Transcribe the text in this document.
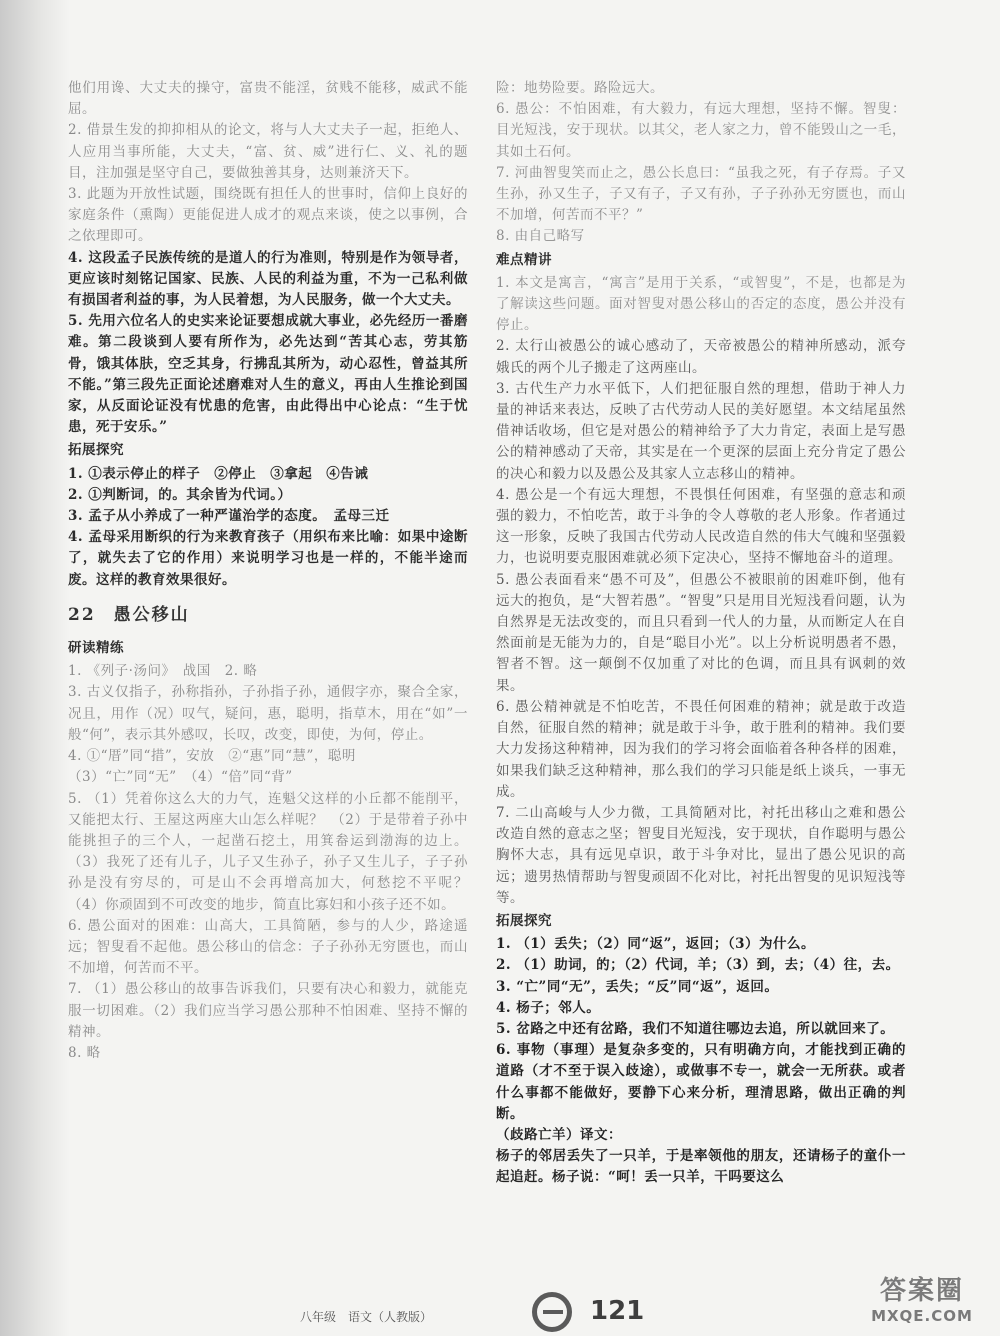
他们用谗、大丈夫的操守，富贵不能淫，贫贱不能移，威武不能屈。

2. 借景生发的抑抑相从的论文，将与人大丈夫子一起，拒绝人、人应用当事所能，大丈夫，“富、贫、威”进行仁、义、礼的题目，注加强是坚守自己，要做独善其身，达则兼济天下。

3. 此题为开放性试题，围绕既有担任人的世事时，信仰上良好的家庭条件（熏陶）更能促进人成才的观点来谈，使之以事例，合之依理即可。

4. 这段孟子民族传统的是道人的行为准则，特别是作为领导者，更应该时刻铭记国家、民族、人民的利益为重，不为一己私利做有损国者利益的事，为人民着想，为人民服务，做一个大丈夫。

5. 先用六位名人的史实来论证要想成就大事业，必先经历一番磨难。第二段谈到人要有所作为，必先达到“苦其心志，劳其筋骨，饿其体肤，空乏其身，行拂乱其所为，动心忍性，曾益其所不能。”第三段先正面论述磨难对人生的意义，再由人生推论到国家，从反面论证没有忧患的危害，由此得出中心论点：“生于忧患，死于安乐。”

拓展探究

1. ①表示停止的样子　②停止　③拿起　④告诫

2. ①判断词，的。其余皆为代词。）

3. 孟子从小养成了一种严谨治学的态度。　孟母三迁

4. 孟母采用断织的行为来教育孩子（用织布来比喻：如果中途断了，就失去了它的作用）来说明学习也是一样的，不能半途而废。这样的教育效果很好。

22 愚公移山

研读精练

1. 《列子·汤问》　战国　2. 略

3. 古义仅指子，孙称指孙，子孙指子孙，通假字亦，聚合全家，况且，用作（况）叹气，疑问，惠，聪明，指草木，用在“如”一般“何”，表示其外感叹，长叹，改变，即使，为何，停止。

4. ①“厝”同“措”，安放　②“惠”同“慧”，聪明

（3）“亡”同“无”　（4）“倍”同“背”

5. （1）凭着你这么大的力气，连魁父这样的小丘都不能削平，又能把太行、王屋这两座大山怎么样呢？　（2）于是带着子孙中能挑担子的三个人，一起凿石挖土，用箕畚运到渤海的边上。（3）我死了还有儿子，儿子又生孙子，孙子又生儿子，子子孙孙是没有穷尽的，可是山不会再增高加大，何愁挖不平呢？　（4）你顽固到不可改变的地步，简直比寡妇和小孩子还不如。

6. 愚公面对的困难：山高大，工具简陋，参与的人少，路途遥远；智叟看不起他。愚公移山的信念：子子孙孙无穷匮也，而山不加增，何苦而不平。

7. （1）愚公移山的故事告诉我们，只要有决心和毅力，就能克服一切困难。（2）我们应当学习愚公那种不怕困难、坚持不懈的精神。

8. 略

险：地势险要。路险远大。

6. 愚公：不怕困难，有大毅力，有远大理想，坚持不懈。智叟：目光短浅，安于现状。以其父，老人家之力，曾不能毁山之一毛，其如土石何。

7. 河曲智叟笑而止之，愚公长息曰：“虽我之死，有子存焉。子又生孙，孙又生子，子又有子，子又有孙，子子孙孙无穷匮也，而山不加增，何苦而不平？”

8. 由自己略写

难点精讲

1. 本文是寓言，“寓言”是用于关系，“或智叟”，不是，也都是为了解读这些问题。面对智叟对愚公移山的否定的态度，愚公并没有停止。

2. 太行山被愚公的诚心感动了，天帝被愚公的精神所感动，派夸娥氏的两个儿子搬走了这两座山。

3. 古代生产力水平低下，人们把征服自然的理想，借助于神人力量的神话来表达，反映了古代劳动人民的美好愿望。本文结尾虽然借神话收场，但它是对愚公的精神给予了大力肯定，表面上是写愚公的精神感动了天帝，其实是在一个更深的层面上充分肯定了愚公的决心和毅力以及愚公及其家人立志移山的精神。

4. 愚公是一个有远大理想，不畏惧任何困难，有坚强的意志和顽强的毅力，不怕吃苦，敢于斗争的令人尊敬的老人形象。作者通过这一形象，反映了我国古代劳动人民改造自然的伟大气魄和坚强毅力，也说明要克服困难就必须下定决心，坚持不懈地奋斗的道理。

5. 愚公表面看来“愚不可及”，但愚公不被眼前的困难吓倒，他有远大的抱负，是“大智若愚”。“智叟”只是用目光短浅看问题，认为自然界是无法改变的，而且只看到一代人的力量，从而断定人在自然面前是无能为力的，自是“聪目小光”。以上分析说明愚者不愚，智者不智。这一颠倒不仅加重了对比的色调，而且具有讽刺的效果。

6. 愚公精神就是不怕吃苦，不畏任何困难的精神；就是敢于改造自然，征服自然的精神；就是敢于斗争，敢于胜利的精神。我们要大力发扬这种精神，因为我们的学习将会面临着各种各样的困难，如果我们缺乏这种精神，那么我们的学习只能是纸上谈兵，一事无成。

7. 二山高峻与人少力微，工具简陋对比，衬托出移山之难和愚公改造自然的意志之坚；智叟目光短浅，安于现状，自作聪明与愚公胸怀大志，具有远见卓识，敢于斗争对比，显出了愚公见识的高远；遗男热情帮助与智叟顽固不化对比，衬托出智叟的见识短浅等等。

拓展探究

1. （1）丢失；（2）同“返”，返回；（3）为什么。

2. （1）助词，的；（2）代词，羊；（3）到，去；（4）往，去。

3. “亡”同“无”，丢失；“反”同“返”，返回。

4. 杨子；邻人。

5. 岔路之中还有岔路，我们不知道往哪边去追，所以就回来了。

6. 事物（事理）是复杂多变的，只有明确方向，才能找到正确的道路（才不至于误入歧途），或做事不专一，就会一无所获。或者什么事都不能做好，要静下心来分析，理清思路，做出正确的判断。

（歧路亡羊）译文：

杨子的邻居丢失了一只羊，于是率领他的朋友，还请杨子的童仆一起追赶。杨子说：“呵！丢一只羊，干吗要这么

八年级　语文（人教版）	121
答案圈
MXQE.COM
